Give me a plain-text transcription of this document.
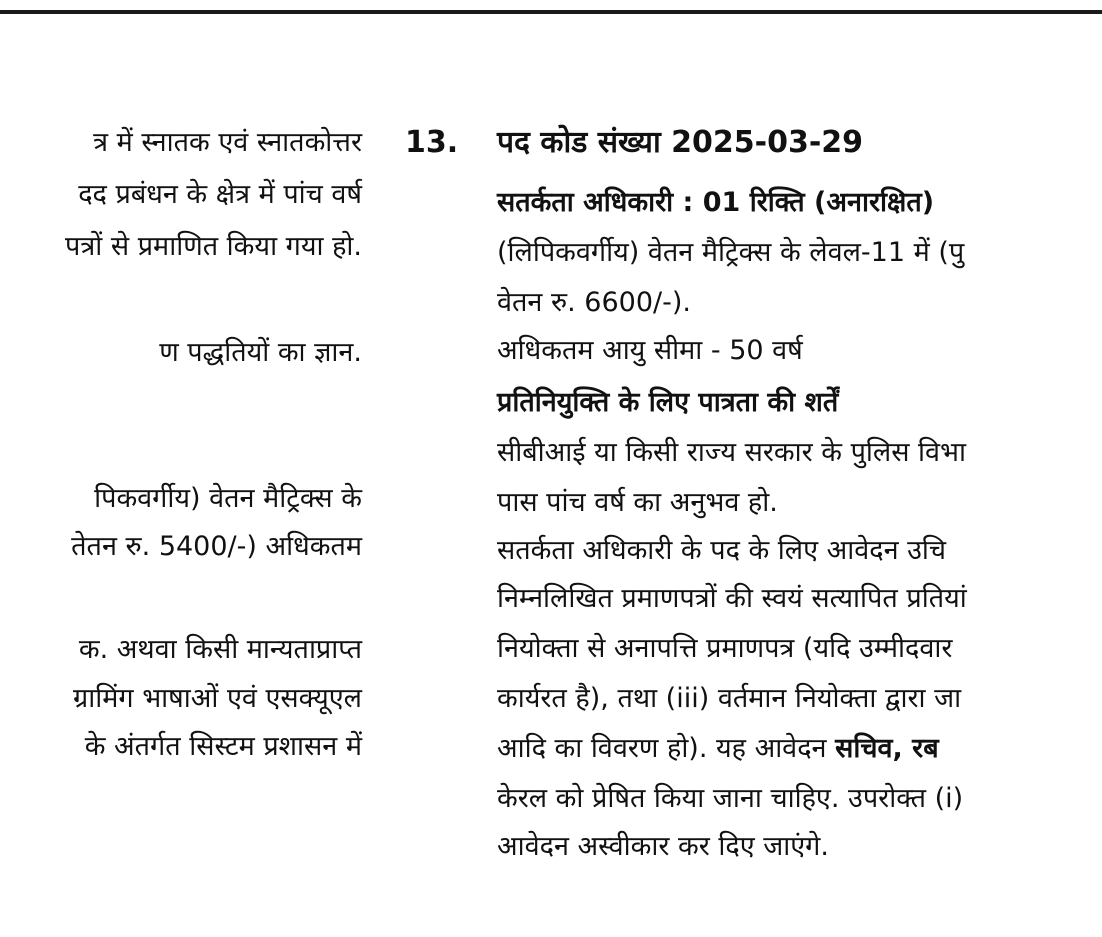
त्र में स्नातक एवं स्नातकोत्तर
दद प्रबंधन के क्षेत्र में पांच वर्ष
पत्रों से प्रमाणित किया गया हो.
ण पद्धतियों का ज्ञान.
पिकवर्गीय) वेतन मैट्रिक्स के
तेतन रु. 5400/-) अधिकतम
क. अथवा किसी मान्यताप्राप्त
ग्रामिंग भाषाओं एवं एसक्यूएल
के अंतर्गत सिस्टम प्रशासन में
13. पद कोड संख्या 2025-03-29
सतर्कता अधिकारी : 01 रिक्ति (अनारक्षित)
(लिपिकवर्गीय) वेतन मैट्रिक्स के लेवल-11 में (पु
वेतन रु. 6600/-).
अधिकतम आयु सीमा - 50 वर्ष
प्रतिनियुक्ति के लिए पात्रता की शर्तें
सीबीआई या किसी राज्य सरकार के पुलिस विभा
पास पांच वर्ष का अनुभव हो.
सतर्कता अधिकारी के पद के लिए आवेदन उचि
निम्नलिखित प्रमाणपत्रों की स्वयं सत्यापित प्रतियां
नियोक्ता से अनापत्ति प्रमाणपत्र (यदि उम्मीदवार
कार्यरत है), तथा (iii) वर्तमान नियोक्ता द्वारा जा
आदि का विवरण हो). यह आवेदन सचिव, रब
केरल को प्रेषित किया जाना चाहिए. उपरोक्त (i)
आवेदन अस्वीकार कर दिए जाएंगे.
